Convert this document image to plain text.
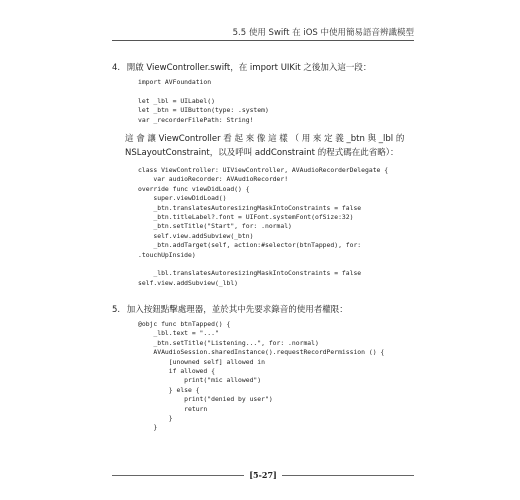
5.5 使用 Swift 在 iOS 中使用簡易語音辨識模型
4. 開啟 ViewController.swift，在 import UIKit 之後加入這一段：
import AVFoundation
let _lbl = UILabel()
let _btn = UIButton(type: .system)
var _recorderFilePath: String!
這 會 讓 ViewController 看 起 來 像 這 樣 （ 用 來 定 義 _btn 與 _lbl 的
NSLayoutConstraint，以及呼叫 addConstraint 的程式碼在此省略）：
class ViewController: UIViewController, AVAudioRecorderDelegate {
var audioRecorder: AVAudioRecorder!
override func viewDidLoad() {
super.viewDidLoad()
_btn.translatesAutoresizingMaskIntoConstraints = false
_btn.titleLabel?.font = UIFont.systemFont(ofSize:32)
_btn.setTitle("Start", for: .normal)
self.view.addSubview(_btn)
_btn.addTarget(self, action:#selector(btnTapped), for:
.touchUpInside)
_lbl.translatesAutoresizingMaskIntoConstraints = false
self.view.addSubview(_lbl)
5. 加入按鈕點擊處理器，並於其中先要求錄音的使用者權限：
@objc func btnTapped() {
_lbl.text = "..."
_btn.setTitle("Listening...", for: .normal)
AVAudioSession.sharedInstance().requestRecordPermission () {
[unowned self] allowed in
if allowed {
print("mic allowed")
} else {
print("denied by user")
return
}
}
[5-27]
